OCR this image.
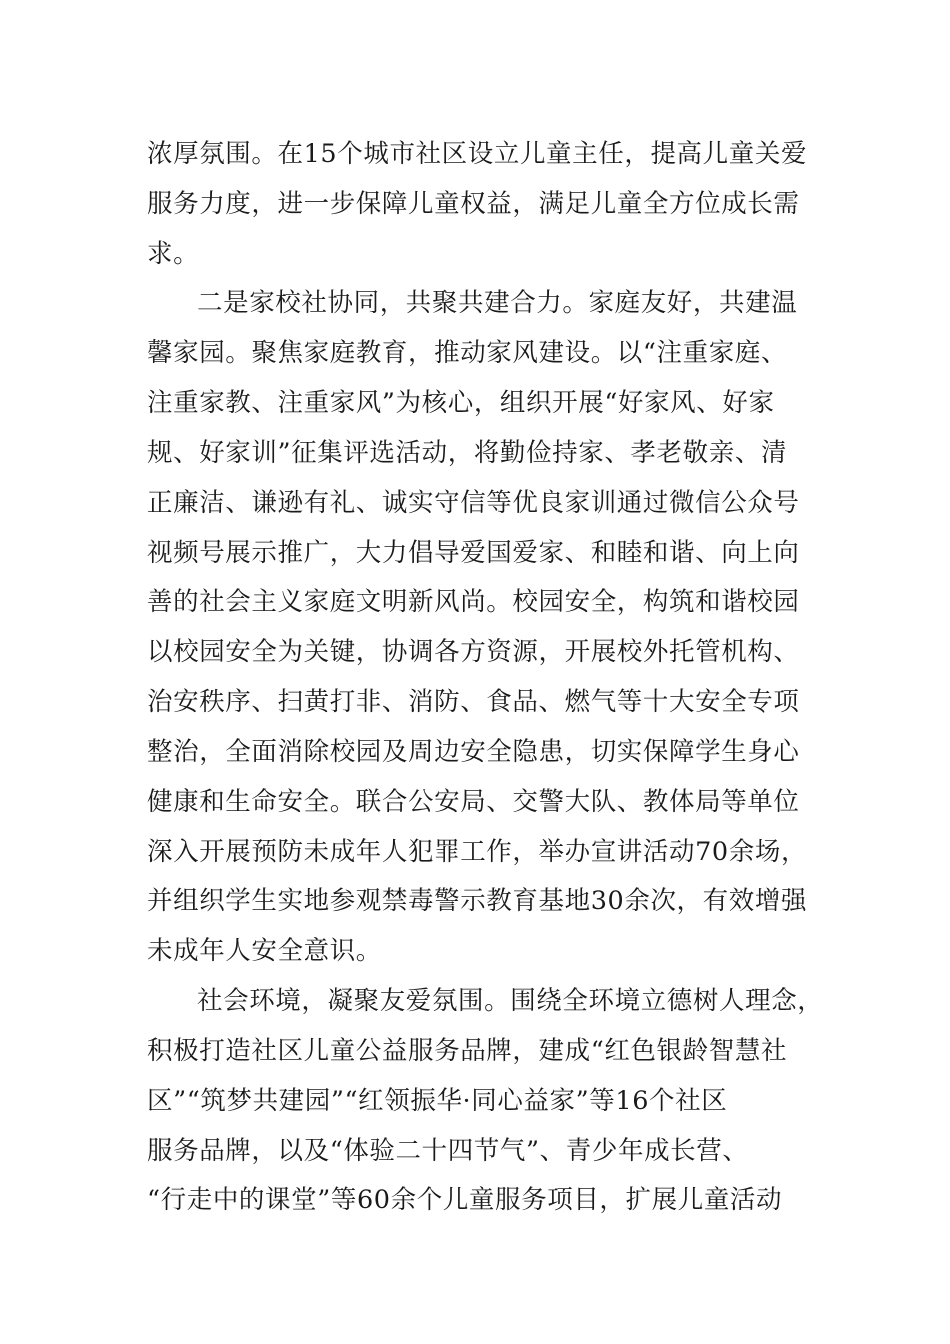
浓厚氛围。在15个城市社区设立儿童主任，提高儿童关爱
服务力度，进一步保障儿童权益，满足儿童全方位成长需
求。
二是家校社协同，共聚共建合力。家庭友好，共建温
馨家园。聚焦家庭教育，推动家风建设。以“注重家庭、
注重家教、注重家风”为核心，组织开展“好家风、好家
规、好家训”征集评选活动，将勤俭持家、孝老敬亲、清
正廉洁、谦逊有礼、诚实守信等优良家训通过微信公众号
视频号展示推广，大力倡导爱国爱家、和睦和谐、向上向
善的社会主义家庭文明新风尚。校园安全，构筑和谐校园
以校园安全为关键，协调各方资源，开展校外托管机构、
治安秩序、扫黄打非、消防、食品、燃气等十大安全专项
整治，全面消除校园及周边安全隐患，切实保障学生身心
健康和生命安全。联合公安局、交警大队、教体局等单位
深入开展预防未成年人犯罪工作，举办宣讲活动70余场，
并组织学生实地参观禁毒警示教育基地30余次，有效增强
未成年人安全意识。
社会环境，凝聚友爱氛围。围绕全环境立德树人理念，
积极打造社区儿童公益服务品牌，建成“红色银龄智慧社
区”“筑梦共建园”“红领振华·同心益家”等16个社区
服务品牌，以及“体验二十四节气”、青少年成长营、
“行走中的课堂”等60余个儿童服务项目，扩展儿童活动
